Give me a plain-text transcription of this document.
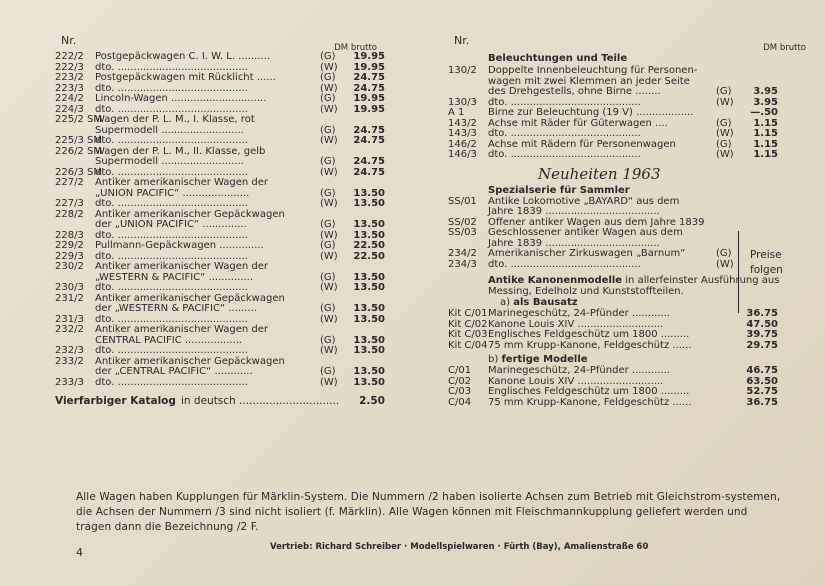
Nr.
DM brutto
222/2 Postgepäckwagen C. I. W. L. ..........	(G)	19.95
222/3 dto. .........................................	(W)	19.95
223/2 Postgepäckwagen mit Rücklicht ......	(G)	24.75
223/3 dto. .........................................	(W)	24.75
224/2 Lincoln-Wagen ..............................	(G)	19.95
224/3 dto. .........................................	(W)	19.95
225/2 SM
Wagen der P. L. M., I. Klasse, rot
Supermodell ..........................	(G)	24.75
225/3 SM
dto. .........................................	(W)	24.75
226/2 SM
Wagen der P. L. M., II. Klasse, gelb
Supermodell ..........................	(G)	24.75
226/3 SM
dto. .........................................	(W)	24.75
227/2 Antiker amerikanischer Wagen der
„UNION PACIFIC“ .....................	(G)	13.50
227/3 dto. .........................................	(W)	13.50
228/2 Antiker amerikanischer Gepäckwagen
der „UNION PACIFIC“ ..............	(G)	13.50
228/3 dto. .........................................	(W)	13.50
229/2 Pullmann-Gepäckwagen ..............	(G)	22.50
229/3 dto. .........................................	(W)	22.50
230/2 Antiker amerikanischer Wagen der
„WESTERN & PACIFIC“ ..............	(G)	13.50
230/3 dto. .........................................	(W)	13.50
231/2 Antiker amerikanischer Gepäckwagen
der „WESTERN & PACIFIC“ .........	(G)	13.50
231/3 dto. .........................................	(W)	13.50
232/2 Antiker amerikanischer Wagen der
CENTRAL PACIFIC ..................	(G)	13.50
232/3 dto. .........................................	(W)	13.50
233/2 Antiker amerikanischer Gepäckwagen
der „CENTRAL PACIFIC“ ............	(G)	13.50
233/3 dto. .........................................	(W)	13.50
Vierfarbiger Katalog in deutsch ..............................	2.50
Nr.
DM brutto
Beleuchtungen und Teile
130/2 Doppelte Innenbeleuchtung für Personen-
wagen mit zwei Klemmen an jeder Seite
des Drehgestells, ohne Birne ........	(G)	3.95
130/3 dto. .........................................	(W)	3.95
A 1 Birne zur Beleuchtung (19 V) ..................	—.50
143/2 Achse mit Räder für Güterwagen ....	(G)	1.15
143/3 dto. .........................................	(W)	1.15
146/2 Achse mit Rädern für Personenwagen	(G)	1.15
146/3 dto. .........................................	(W)	1.15
Neuheiten 1963
Spezialserie für Sammler
SS/01 Antike Lokomotive „BAYARD“ aus dem
Jahre 1839 ....................................
SS/02 Offener antiker Wagen aus dem Jahre 1839
SS/03 Geschlossener antiker Wagen aus dem
Jahre 1839 ....................................
234/2 Amerikanischer Zirkuswagen „Barnum“	(G)
234/3 dto. .........................................	(W)
Antike Kanonenmodelle in allerfeinster Ausführung aus
Messing, Edelholz und Kunststoffteilen.
a) als Bausatz
Kit C/01 Marinegeschütz, 24-Pfünder ............	36.75
Kit C/02 Kanone Louis XIV ...........................	47.50
Kit C/03 Englisches Feldgeschütz um 1800 .........	39.75
Kit C/04 75 mm Krupp-Kanone, Feldgeschütz ......	29.75
b) fertige Modelle
C/01 Marinegeschütz, 24-Pfünder ............	46.75
C/02 Kanone Louis XIV ...........................	63.50
C/03 Englisches Feldgeschütz um 1800 .........	52.75
C/04 75 mm Krupp-Kanone, Feldgeschütz ......	36.75
Preise
folgen
Alle Wagen haben Kupplungen für Märklin-System. Die Nummern /2 haben isolierte Achsen zum Betrieb mit Gleichstrom-systemen, die Achsen der Nummern /3 sind nicht isoliert (f. Märklin). Alle Wagen können mit Fleischmannkupplung geliefert werden und tragen dann die Bezeichnung /2 F.
4	Vertrieb: Richard Schreiber · Modellspielwaren · Fürth (Bay), Amalienstraße 60
